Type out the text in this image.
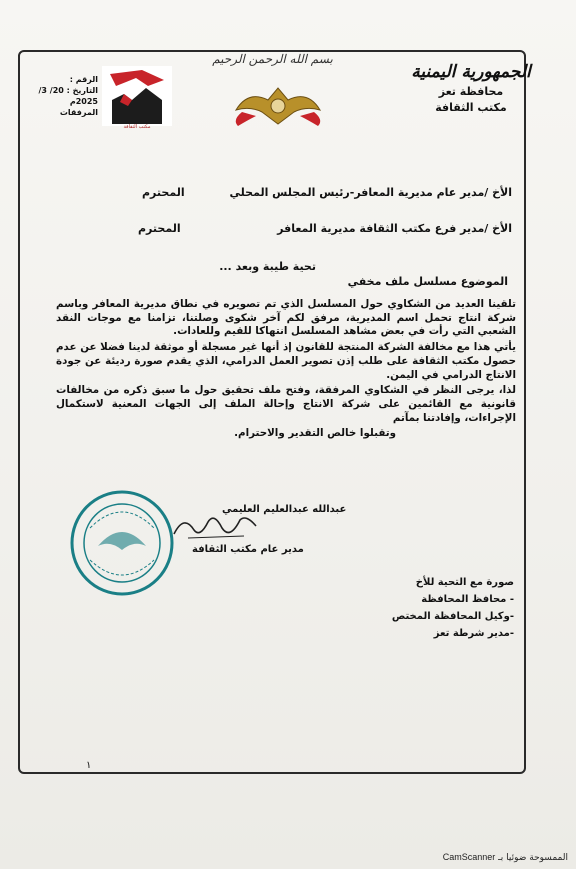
الجمهورية اليمنية
محافظة تعز
مكتب الثقافة
بسم الله الرحمن الرحيم
مكتب الثقافة
الرقم :
التاريخ : 20/ 3/ 2025م
المرفقات
الأخ /مدير عام مديرية المعافر-رئيس المجلس المحلي
المحترم
الأخ /مدير فرع مكتب الثقافة مديرية المعافر
المحترم
تحية طيبة وبعد ...
الموضوع مسلسل ملف مخفي

تلقينا العديد من الشكاوي حول المسلسل الذي تم تصويره في نطاق مديرية المعافر وباسم شركة انتاج تحمل اسم المديرية، مرفق لكم آخر شكوى وصلتنا، تزامنا مع موجات النقد الشعبي التي رأت في بعض مشاهد المسلسل انتهاكا للقيم وللعادات.

يأتي هذا مع مخالفة الشركة المنتجة للقانون إذ أنها غير مسجلة أو موثقة لدينا فضلا عن عدم حصول مكتب الثقافة على طلب إذن تصوير العمل الدرامي، الذي يقدم صورة رديئة عن جودة الانتاج الدرامي في اليمن.

لذا، يرجى النظر في الشكاوي المرفقة، وفتح ملف تحقيق حول ما سبق ذكره من مخالفات قانونية مع القائمين على شركة الانتاج وإحالة الملف إلى الجهات المعنية لاستكمال الإجراءات، وإفادتنا بمآتم

وتقبلوا خالص التقدير والاحترام.

عبدالله عبدالعليم العليمي
مدير عام مكتب الثقافة
صورة مع التحية للأخ
- محافظ المحافظة
-وكيل المحافظة المختص
-مدير شرطة تعز
١
CamScanner الممسوحة ضوئيا بـ
